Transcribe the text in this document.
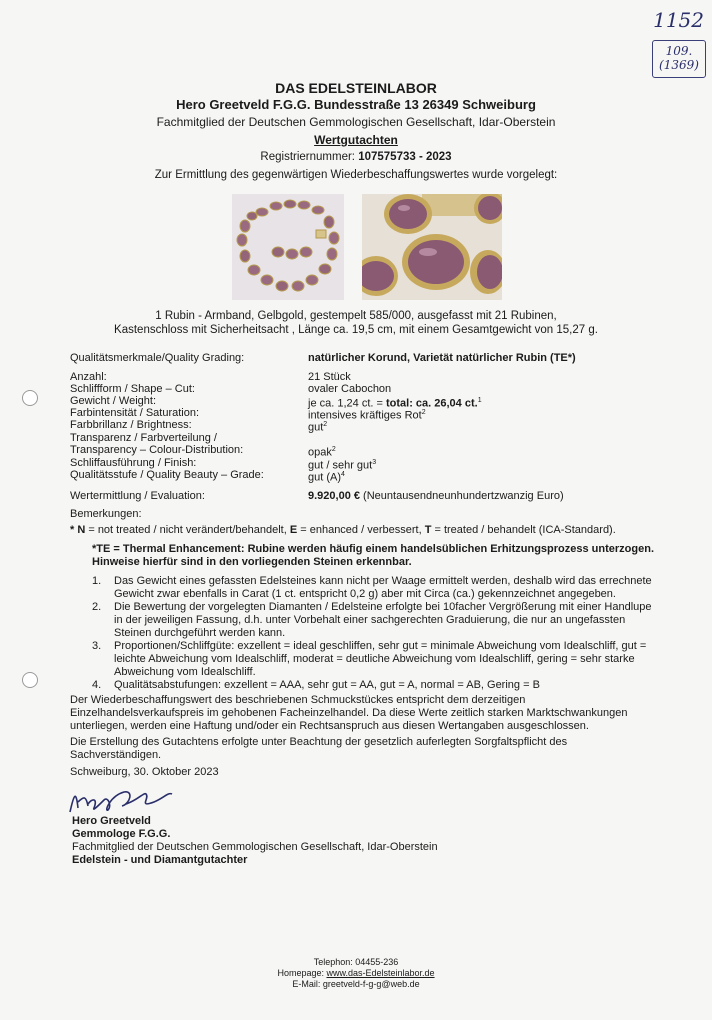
1152
109.
(1369)
DAS EDELSTEINLABOR
Hero Greetveld F.G.G. Bundesstraße 13 26349 Schweiburg
Fachmitglied der Deutschen Gemmologischen Gesellschaft, Idar-Oberstein
Wertgutachten
Registriernummer: 107575733 - 2023
Zur Ermittlung des gegenwärtigen Wiederbeschaffungswertes wurde vorgelegt:
1 Rubin - Armband, Gelbgold, gestempelt 585/000, ausgefasst mit 21 Rubinen,
Kastenschloss mit Sicherheitsacht , Länge ca. 19,5 cm, mit einem Gesamtgewicht von 15,27 g.
Qualitätsmerkmale/Quality Grading:	natürlicher Korund, Varietät natürlicher Rubin (TE*)
Anzahl:	21 Stück
Schliffform / Shape – Cut:	ovaler Cabochon
Gewicht / Weight:	je ca. 1,24 ct. = total: ca. 26,04 ct.$^1$
Farbintensität / Saturation:	intensives kräftiges Rot$^2$
Farbbrillanz / Brightness:	gut$^2$
Transparenz / Farbverteilung /
Transparency – Colour-Distribution:	opak$^2$
Schliffausführung / Finish:	gut / sehr gut$^3$
Qualitätsstufe / Quality Beauty – Grade:	gut $(A)^4$
Wertermittlung / Evaluation:	9.920,00 € (Neuntausendneunhundertzwanzig Euro)
Bemerkungen:
* N = not treated / nicht verändert/behandelt, E = enhanced / verbessert, T = treated / behandelt (ICA-Standard).
*TE = Thermal Enhancement: Rubine werden häufig einem handelsüblichen Erhitzungsprozess unterzogen.
Hinweise hierfür sind in den vorliegenden Steinen erkennbar.
1. Das Gewicht eines gefassten Edelsteines kann nicht per Waage ermittelt werden, deshalb wird das errechnete
Gewicht zwar ebenfalls in Carat (1 ct. entspricht 0,2 g) aber mit Circa (ca.) gekennzeichnet angegeben.
2. Die Bewertung der vorgelegten Diamanten / Edelsteine erfolgte bei 10facher Vergrößerung mit einer Handlupe
in der jeweiligen Fassung, d.h. unter Vorbehalt einer sachgerechten Graduierung, die nur an ungefassten
Steinen durchgeführt werden kann.
3. Proportionen/Schliffgüte: exzellent = ideal geschliffen, sehr gut = minimale Abweichung vom Idealschliff, gut =
leichte Abweichung vom Idealschliff, moderat = deutliche Abweichung vom Idealschliff, gering = sehr starke
Abweichung vom Idealschliff.
4. Qualitätsabstufungen: exzellent = AAA, sehr gut = AA, gut = A, normal = AB, Gering = B
Der Wiederbeschaffungswert des beschriebenen Schmuckstückes entspricht dem derzeitigen
Einzelhandelsverkaufspreis im gehobenen Facheinzelhandel. Da diese Werte zeitlich starken Marktschwankungen
unterliegen, werden eine Haftung und/oder ein Rechtsanspruch aus diesen Wertangaben ausgeschlossen.
Die Erstellung des Gutachtens erfolgte unter Beachtung der gesetzlich auferlegten Sorgfaltspflicht des
Sachverständigen.
Schweiburg, 30. Oktober 2023
Hero Greetveld
Gemmologe F.G.G.
Fachmitglied der Deutschen Gemmologischen Gesellschaft, Idar-Oberstein
Edelstein - und Diamantgutachter
Telephon: 04455-236
Homepage: www.das-Edelsteinlabor.de
E-Mail: greetveld-f-g-g@web.de
